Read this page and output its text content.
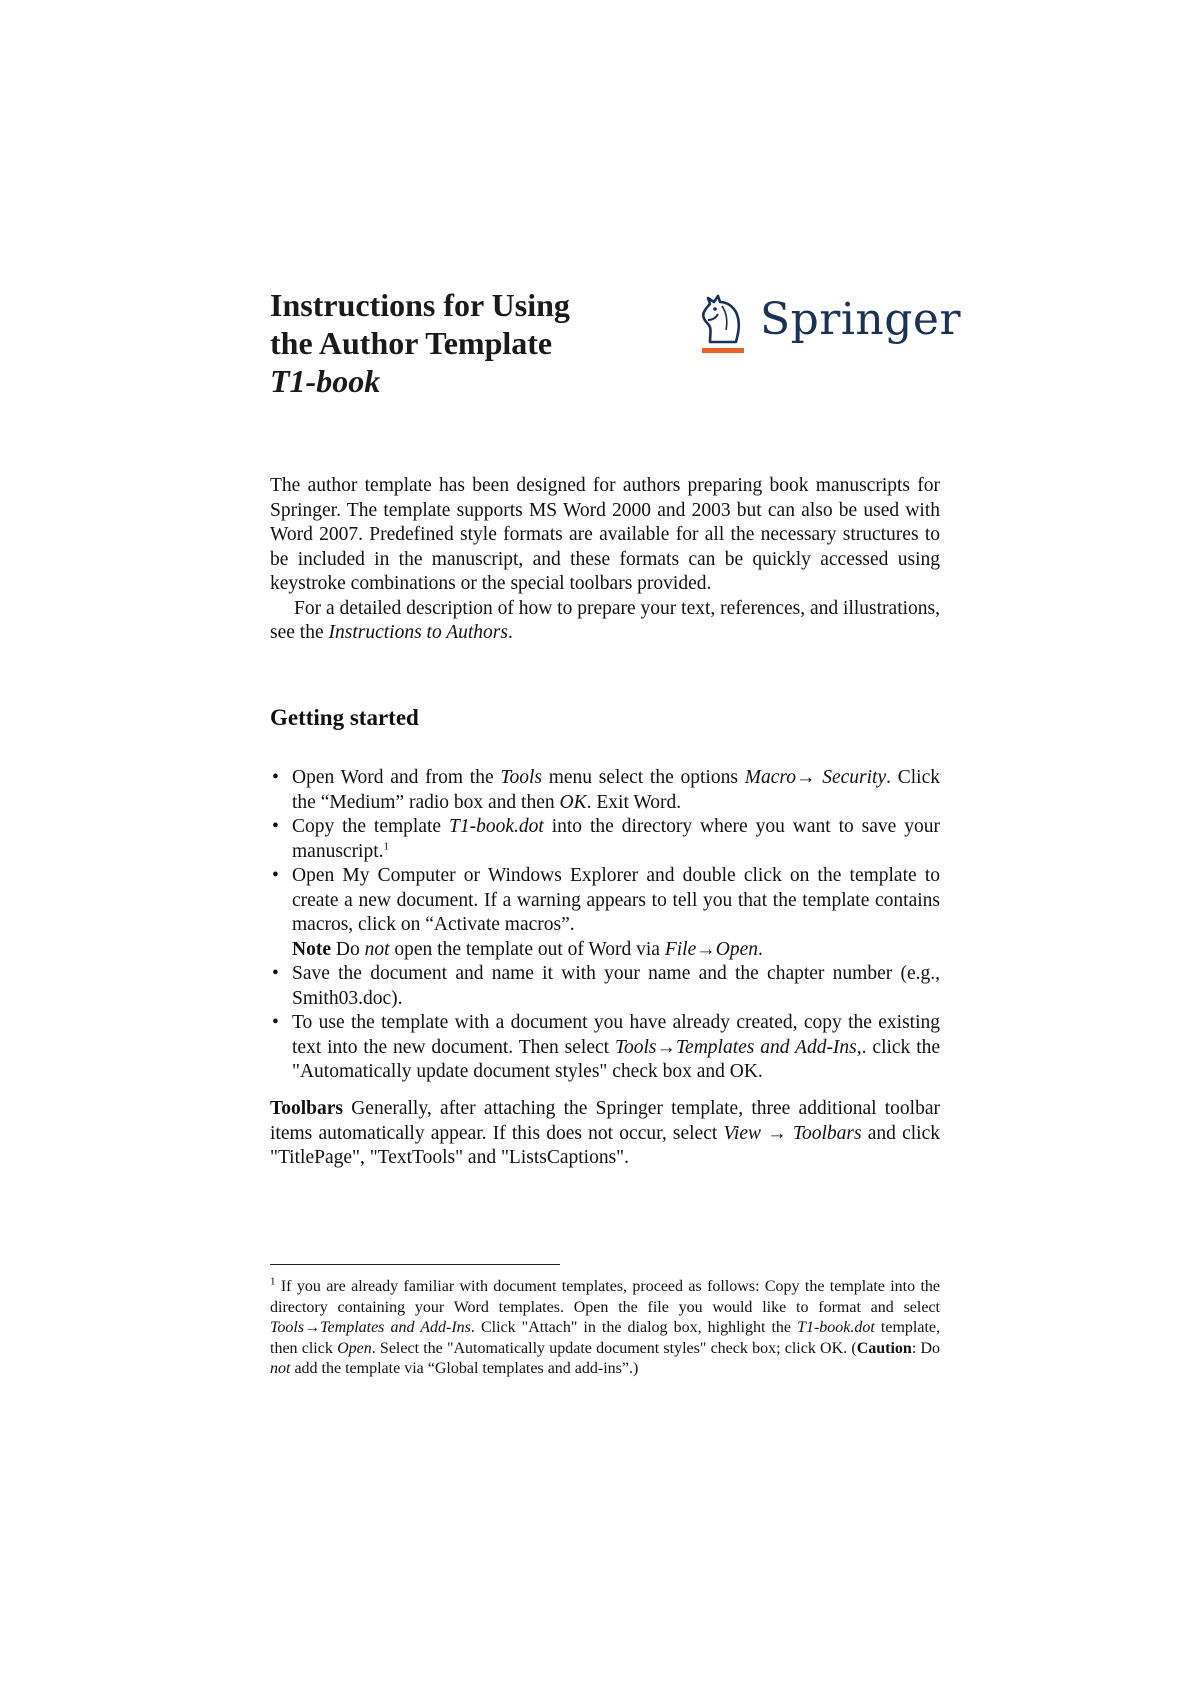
Instructions for Using
the Author Template
T1-book
Springer

The author template has been designed for authors preparing book manuscripts for Springer. The template supports MS Word 2000 and 2003 but can also be used with Word 2007. Predefined style formats are available for all the necessary structures to be included in the manuscript, and these formats can be quickly accessed using keystroke combinations or the special toolbars provided.

For a detailed description of how to prepare your text, references, and illustrations, see the Instructions to Authors.

Getting started
• Open Word and from the Tools menu select the options Macro→ Security. Click the “Medium” radio box and then OK. Exit Word.
• Copy the template T1-book.dot into the directory where you want to save your manuscript.$^1$
• Open My Computer or Windows Explorer and double click on the template to create a new document. If a warning appears to tell you that the template contains macros, click on “Activate macros”.
Note Do not open the template out of Word via File→Open.
• Save the document and name it with your name and the chapter number (e.g., Smith03.doc).
• To use the template with a document you have already created, copy the existing text into the new document. Then select Tools→Templates and Add-Ins,. click the "Automatically update document styles" check box and OK.
Toolbars Generally, after attaching the Springer template, three additional toolbar items automatically appear. If this does not occur, select View → Toolbars and click "TitlePage", "TextTools" and "ListsCaptions".
$^1$ If you are already familiar with document templates, proceed as follows: Copy the template into the directory containing your Word templates. Open the file you would like to format and select Tools→Templates and Add-Ins. Click "Attach" in the dialog box, highlight the T1-book.dot template, then click Open. Select the "Automatically update document styles" check box; click OK. (Caution: Do not add the template via “Global templates and add-ins”.)
